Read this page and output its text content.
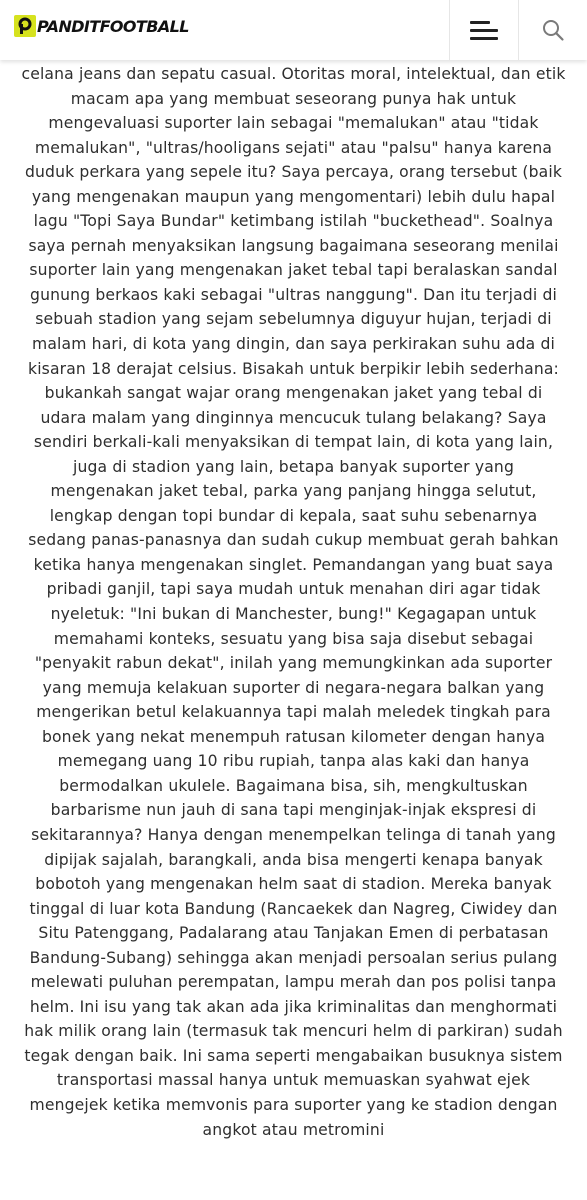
PANDITFOOTBALL

celana jeans dan sepatu casual. Otoritas moral, intelektual, dan etik macam apa yang membuat seseorang punya hak untuk mengevaluasi suporter lain sebagai "memalukan" atau "tidak memalukan", "ultras/hooligans sejati" atau "palsu" hanya karena duduk perkara yang sepele itu? Saya percaya, orang tersebut (baik yang mengenakan maupun yang mengomentari) lebih dulu hapal lagu "Topi Saya Bundar" ketimbang istilah "buckethead". Soalnya saya pernah menyaksikan langsung bagaimana seseorang menilai suporter lain yang mengenakan jaket tebal tapi beralaskan sandal gunung berkaos kaki sebagai "ultras nanggung". Dan itu terjadi di sebuah stadion yang sejam sebelumnya diguyur hujan, terjadi di malam hari, di kota yang dingin, dan saya perkirakan suhu ada di kisaran 18 derajat celsius. Bisakah untuk berpikir lebih sederhana: bukankah sangat wajar orang mengenakan jaket yang tebal di udara malam yang dinginnya mencucuk tulang belakang? Saya sendiri berkali-kali menyaksikan di tempat lain, di kota yang lain, juga di stadion yang lain, betapa banyak suporter yang mengenakan jaket tebal, parka yang panjang hingga selutut, lengkap dengan topi bundar di kepala, saat suhu sebenarnya sedang panas-panasnya dan sudah cukup membuat gerah bahkan ketika hanya mengenakan singlet. Pemandangan yang buat saya pribadi ganjil, tapi saya mudah untuk menahan diri agar tidak nyeletuk: "Ini bukan di Manchester, bung!" Kegagapan untuk memahami konteks, sesuatu yang bisa saja disebut sebagai "penyakit rabun dekat", inilah yang memungkinkan ada suporter yang memuja kelakuan suporter di negara-negara balkan yang mengerikan betul kelakuannya tapi malah meledek tingkah para bonek yang nekat menempuh ratusan kilometer dengan hanya memegang uang 10 ribu rupiah, tanpa alas kaki dan hanya bermodalkan ukulele. Bagaimana bisa, sih, mengkultuskan barbarisme nun jauh di sana tapi menginjak-injak ekspresi di sekitarannya? Hanya dengan menempelkan telinga di tanah yang dipijak sajalah, barangkali, anda bisa mengerti kenapa banyak bobotoh yang mengenakan helm saat di stadion. Mereka banyak tinggal di luar kota Bandung (Rancaekek dan Nagreg, Ciwidey dan Situ Patenggang, Padalarang atau Tanjakan Emen di perbatasan Bandung-Subang) sehingga akan menjadi persoalan serius pulang melewati puluhan perempatan, lampu merah dan pos polisi tanpa helm. Ini isu yang tak akan ada jika kriminalitas dan menghormati hak milik orang lain (termasuk tak mencuri helm di parkiran) sudah tegak dengan baik. Ini sama seperti mengabaikan busuknya sistem transportasi massal hanya untuk memuaskan syahwat ejek mengejek ketika memvonis para suporter yang ke stadion dengan angkot atau metromini
